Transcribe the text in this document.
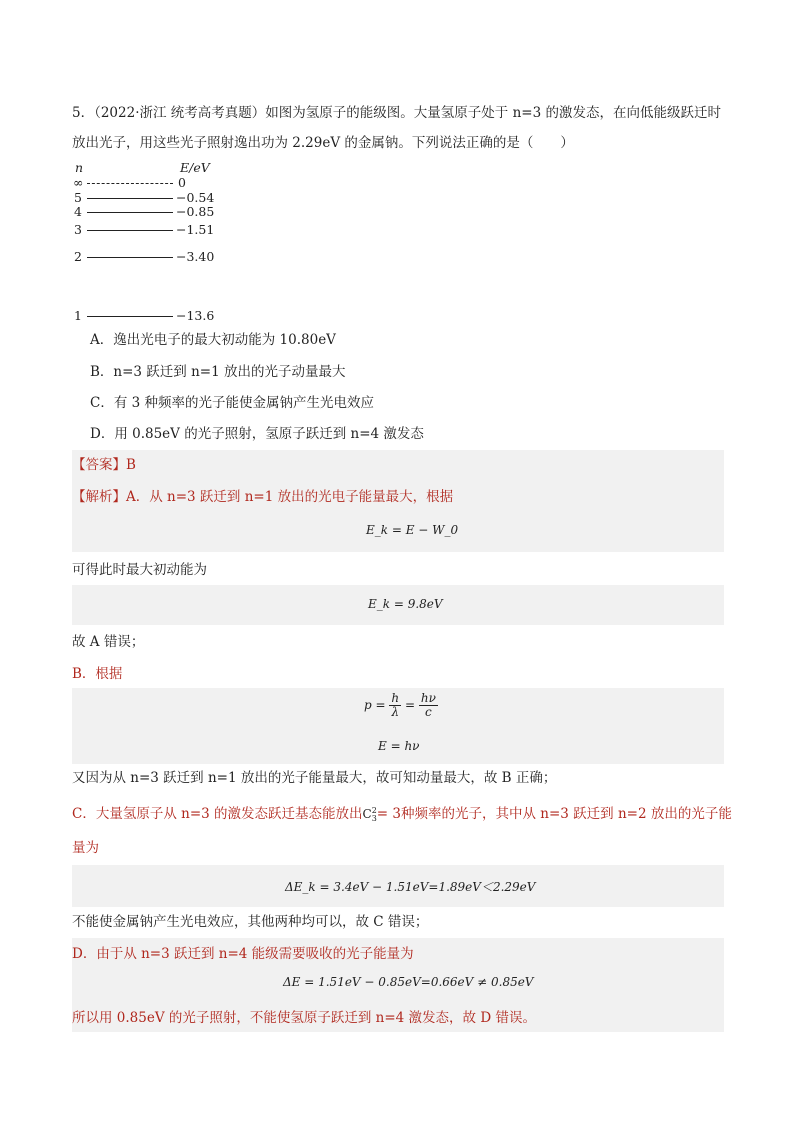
5．（2022·浙江 统考高考真题）如图为氢原子的能级图。大量氢原子处于 n=3 的激发态，在向低能级跃迁时
放出光子，用这些光子照射逸出功为 2.29eV 的金属钠。下列说法正确的是（　　）
n	E/eV
∞	0
5	−0.54
4	−0.85
3	−1.51
2	−3.40
1	−13.6
A．逸出光电子的最大初动能为 10.80eV
B．n=3 跃迁到 n=1 放出的光子动量最大
C．有 3 种频率的光子能使金属钠产生光电效应
D．用 0.85eV 的光子照射，氢原子跃迁到 n=4 激发态
【答案】B
【解析】A．从 n=3 跃迁到 n=1 放出的光电子能量最大，根据
E_k = E − W_0
可得此时最大初动能为
E_k = 9.8eV
故 A 错误；
B．根据
$p = \frac{h}{\lambda} = \frac{h\nu}{c}$
E = hν
又因为从 n=3 跃迁到 n=1 放出的光子能量最大，故可知动量最大，故 B 正确；
C．大量氢原子从 n=3 的激发态跃迁基态能放出C 2
3 = 3种频率的光子，其中从 n=3 跃迁到 n=2 放出的光子能
量为
ΔE_k = 3.4eV − 1.51eV=1.89eV＜2.29eV
不能使金属钠产生光电效应，其他两种均可以，故 C 错误；
D．由于从 n=3 跃迁到 n=4 能级需要吸收的光子能量为
ΔE = 1.51eV − 0.85eV=0.66eV ≠ 0.85eV
所以用 0.85eV 的光子照射，不能使氢原子跃迁到 n=4 激发态，故 D 错误。
